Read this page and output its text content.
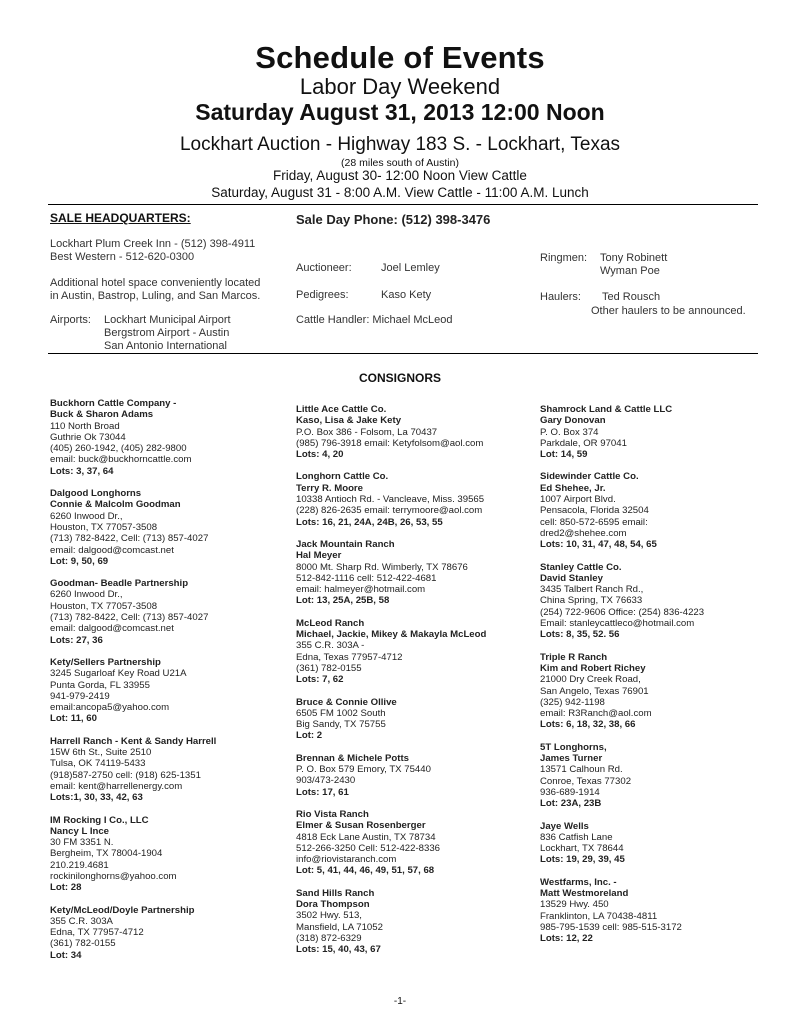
Schedule of Events
Labor Day Weekend
Saturday August 31, 2013 12:00 Noon
Lockhart Auction - Highway 183 S. - Lockhart, Texas
(28 miles south of Austin)
Friday, August 30- 12:00 Noon View Cattle
Saturday, August 31 - 8:00 A.M. View Cattle - 11:00 A.M. Lunch
SALE HEADQUARTERS:
Lockhart Plum Creek Inn - (512) 398-4911
Best Western - 512-620-0300
Additional hotel space conveniently located
in Austin, Bastrop, Luling, and San Marcos.
Airports: Lockhart Municipal Airport
Bergstrom Airport - Austin
San Antonio International
Sale Day Phone: (512) 398-3476
Auctioneer:	Joel Lemley
Pedigrees:	Kaso Kety
Cattle Handler: Michael McLeod
Ringmen: Tony Robinett
Wyman Poe
Haulers: Ted Rousch
Other haulers to be announced.
CONSIGNORS
Buckhorn Cattle Company -
Buck & Sharon Adams
110 North Broad
Guthrie Ok 73044
(405) 260-1942, (405) 282-9800
email: buck@buckhorncattle.com
Lots: 3, 37, 64
Dalgood Longhorns
Connie & Malcolm Goodman
6260 Inwood Dr.,
Houston, TX 77057-3508
(713) 782-8422, Cell: (713) 857-4027
email: dalgood@comcast.net
Lot: 9, 50, 69
Goodman- Beadle Partnership
6260 Inwood Dr.,
Houston, TX 77057-3508
(713) 782-8422, Cell: (713) 857-4027
email: dalgood@comcast.net
Lots: 27, 36
Kety/Sellers Partnership
3245 Sugarloaf Key Road U21A
Punta Gorda, FL 33955
941-979-2419
email:ancopa5@yahoo.com
Lot: 11, 60
Harrell Ranch - Kent & Sandy Harrell
15W 6th St., Suite 2510
Tulsa, OK 74119-5433
(918)587-2750 cell: (918) 625-1351
email: kent@harrellenergy.com
Lots:1, 30, 33, 42, 63
IM Rocking I Co., LLC
Nancy L Ince
30 FM 3351 N.
Bergheim, TX 78004-1904
210.219.4681
rockinilonghorns@yahoo.com
Lot: 28
Kety/McLeod/Doyle Partnership
355 C.R. 303A
Edna, TX 77957-4712
(361) 782-0155
Lot: 34
Little Ace Cattle Co.
Kaso, Lisa & Jake Kety
P.O. Box 386 - Folsom, La 70437
(985) 796-3918 email: Ketyfolsom@aol.com
Lots: 4, 20
Longhorn Cattle Co.
Terry R. Moore
10338 Antioch Rd. - Vancleave, Miss. 39565
(228) 826-2635 email: terrymoore@aol.com
Lots: 16, 21, 24A, 24B, 26, 53, 55
Jack Mountain Ranch
Hal Meyer
8000 Mt. Sharp Rd. Wimberly, TX 78676
512-842-1116 cell: 512-422-4681
email: halmeyer@hotmail.com
Lot: 13, 25A, 25B, 58
McLeod Ranch
Michael, Jackie, Mikey & Makayla McLeod
355 C.R. 303A -
Edna, Texas 77957-4712
(361) 782-0155
Lots: 7, 62
Bruce & Connie Ollive
6505 FM 1002 South
Big Sandy, TX 75755
Lot: 2
Brennan & Michele Potts
P. O. Box 579 Emory, TX 75440
903/473-2430
Lots: 17, 61
Rio Vista Ranch
Elmer & Susan Rosenberger
4818 Eck Lane Austin, TX 78734
512-266-3250 Cell: 512-422-8336
info@riovistaranch.com
Lot: 5, 41, 44, 46, 49, 51, 57, 68
Sand Hills Ranch
Dora Thompson
3502 Hwy. 513,
Mansfield, LA 71052
(318) 872-6329
Lots: 15, 40, 43, 67
Shamrock Land & Cattle LLC
Gary Donovan
P. O. Box 374
Parkdale, OR 97041
Lot: 14, 59
Sidewinder Cattle Co.
Ed Shehee, Jr.
1007 Airport Blvd.
Pensacola, Florida 32504
cell: 850-572-6595 email:
dred2@shehee.com
Lots: 10, 31, 47, 48, 54, 65
Stanley Cattle Co.
David Stanley
3435 Talbert Ranch Rd.,
China Spring, TX 76633
(254) 722-9606 Office: (254) 836-4223
Email: stanleycattleco@hotmail.com
Lots: 8, 35, 52. 56
Triple R Ranch
Kim and Robert Richey
21000 Dry Creek Road,
San Angelo, Texas 76901
(325) 942-1198
email: R3Ranch@aol.com
Lots: 6, 18, 32, 38, 66
5T Longhorns,
James Turner
13571 Calhoun Rd.
Conroe, Texas 77302
936-689-1914
Lot: 23A, 23B
Jaye Wells
836 Catfish Lane
Lockhart, TX 78644
Lots: 19, 29, 39, 45
Westfarms, Inc. -
Matt Westmoreland
13529 Hwy. 450
Franklinton, LA 70438-4811
985-795-1539 cell: 985-515-3172
Lots: 12, 22
-1-
